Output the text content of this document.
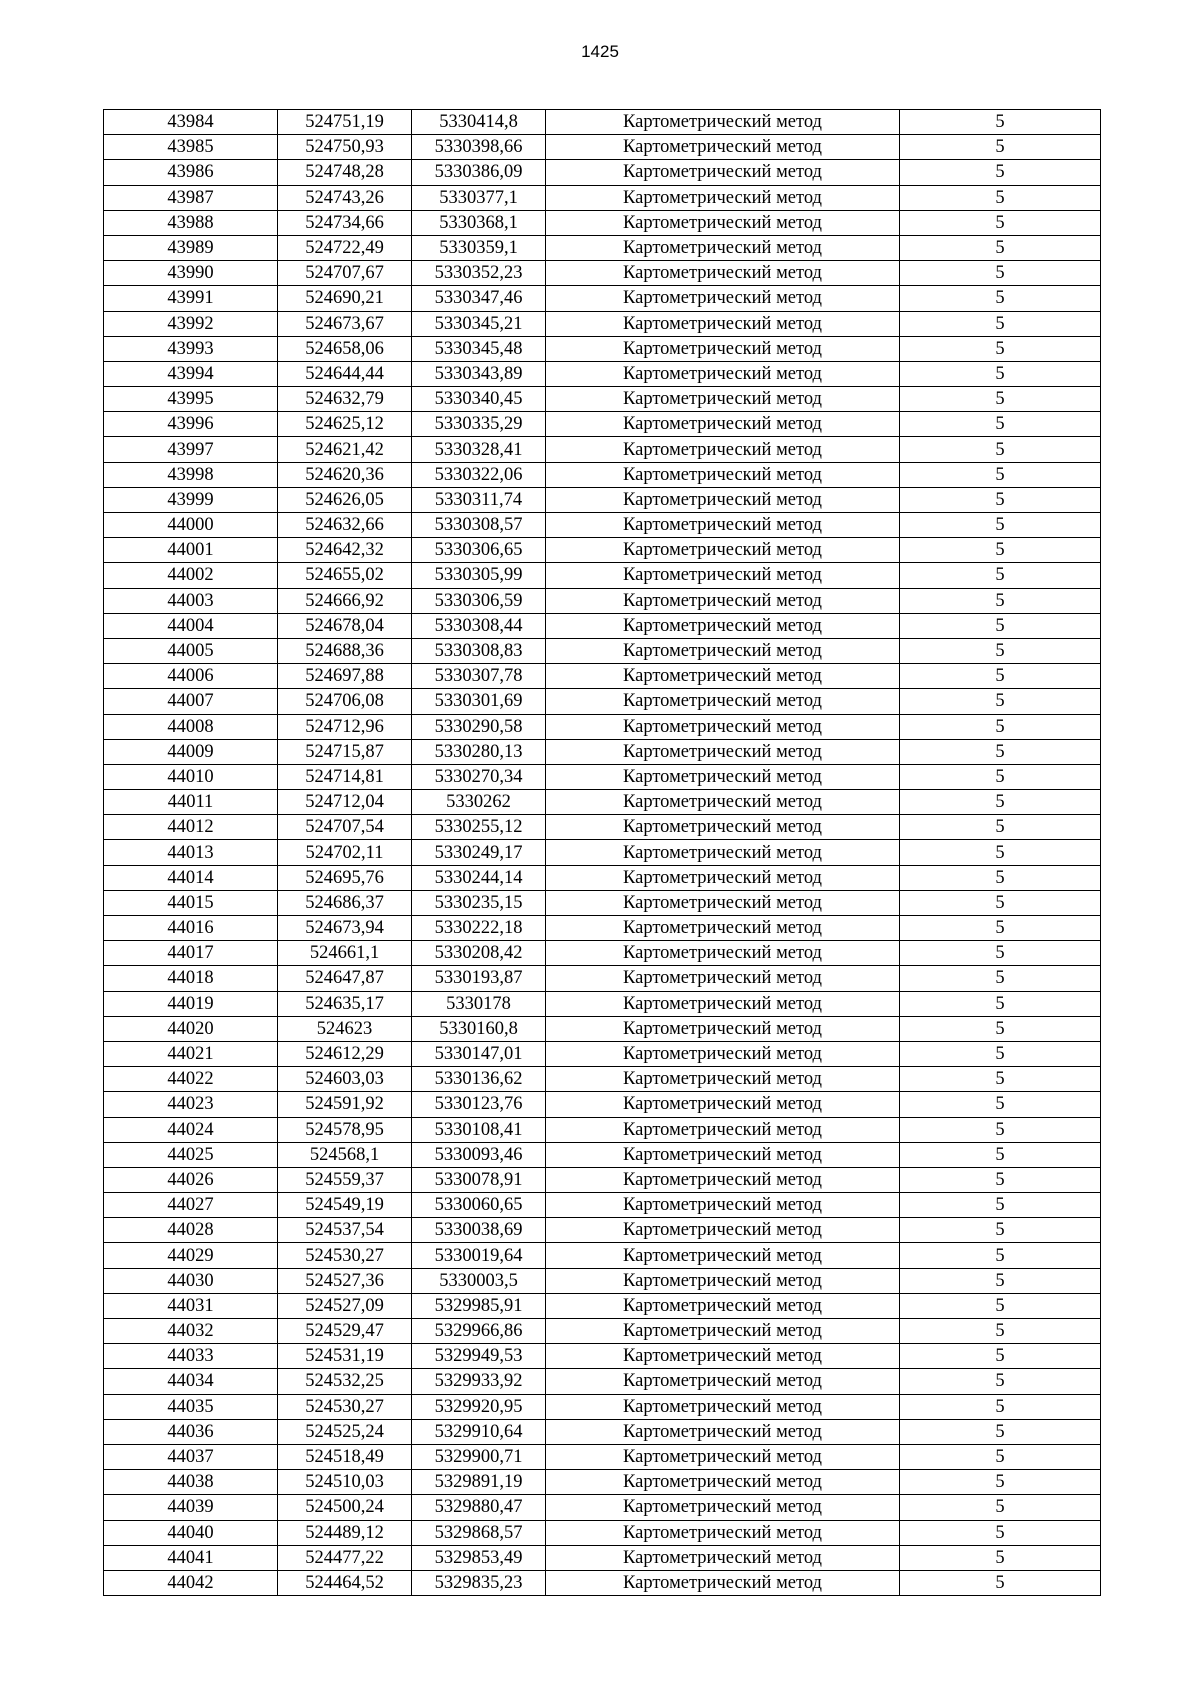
1425
43984	524751,19	5330414,8	Картометрический метод	5
43985	524750,93	5330398,66	Картометрический метод	5
43986	524748,28	5330386,09	Картометрический метод	5
43987	524743,26	5330377,1	Картометрический метод	5
43988	524734,66	5330368,1	Картометрический метод	5
43989	524722,49	5330359,1	Картометрический метод	5
43990	524707,67	5330352,23	Картометрический метод	5
43991	524690,21	5330347,46	Картометрический метод	5
43992	524673,67	5330345,21	Картометрический метод	5
43993	524658,06	5330345,48	Картометрический метод	5
43994	524644,44	5330343,89	Картометрический метод	5
43995	524632,79	5330340,45	Картометрический метод	5
43996	524625,12	5330335,29	Картометрический метод	5
43997	524621,42	5330328,41	Картометрический метод	5
43998	524620,36	5330322,06	Картометрический метод	5
43999	524626,05	5330311,74	Картометрический метод	5
44000	524632,66	5330308,57	Картометрический метод	5
44001	524642,32	5330306,65	Картометрический метод	5
44002	524655,02	5330305,99	Картометрический метод	5
44003	524666,92	5330306,59	Картометрический метод	5
44004	524678,04	5330308,44	Картометрический метод	5
44005	524688,36	5330308,83	Картометрический метод	5
44006	524697,88	5330307,78	Картометрический метод	5
44007	524706,08	5330301,69	Картометрический метод	5
44008	524712,96	5330290,58	Картометрический метод	5
44009	524715,87	5330280,13	Картометрический метод	5
44010	524714,81	5330270,34	Картометрический метод	5
44011	524712,04	5330262	Картометрический метод	5
44012	524707,54	5330255,12	Картометрический метод	5
44013	524702,11	5330249,17	Картометрический метод	5
44014	524695,76	5330244,14	Картометрический метод	5
44015	524686,37	5330235,15	Картометрический метод	5
44016	524673,94	5330222,18	Картометрический метод	5
44017	524661,1	5330208,42	Картометрический метод	5
44018	524647,87	5330193,87	Картометрический метод	5
44019	524635,17	5330178	Картометрический метод	5
44020	524623	5330160,8	Картометрический метод	5
44021	524612,29	5330147,01	Картометрический метод	5
44022	524603,03	5330136,62	Картометрический метод	5
44023	524591,92	5330123,76	Картометрический метод	5
44024	524578,95	5330108,41	Картометрический метод	5
44025	524568,1	5330093,46	Картометрический метод	5
44026	524559,37	5330078,91	Картометрический метод	5
44027	524549,19	5330060,65	Картометрический метод	5
44028	524537,54	5330038,69	Картометрический метод	5
44029	524530,27	5330019,64	Картометрический метод	5
44030	524527,36	5330003,5	Картометрический метод	5
44031	524527,09	5329985,91	Картометрический метод	5
44032	524529,47	5329966,86	Картометрический метод	5
44033	524531,19	5329949,53	Картометрический метод	5
44034	524532,25	5329933,92	Картометрический метод	5
44035	524530,27	5329920,95	Картометрический метод	5
44036	524525,24	5329910,64	Картометрический метод	5
44037	524518,49	5329900,71	Картометрический метод	5
44038	524510,03	5329891,19	Картометрический метод	5
44039	524500,24	5329880,47	Картометрический метод	5
44040	524489,12	5329868,57	Картометрический метод	5
44041	524477,22	5329853,49	Картометрический метод	5
44042	524464,52	5329835,23	Картометрический метод	5
